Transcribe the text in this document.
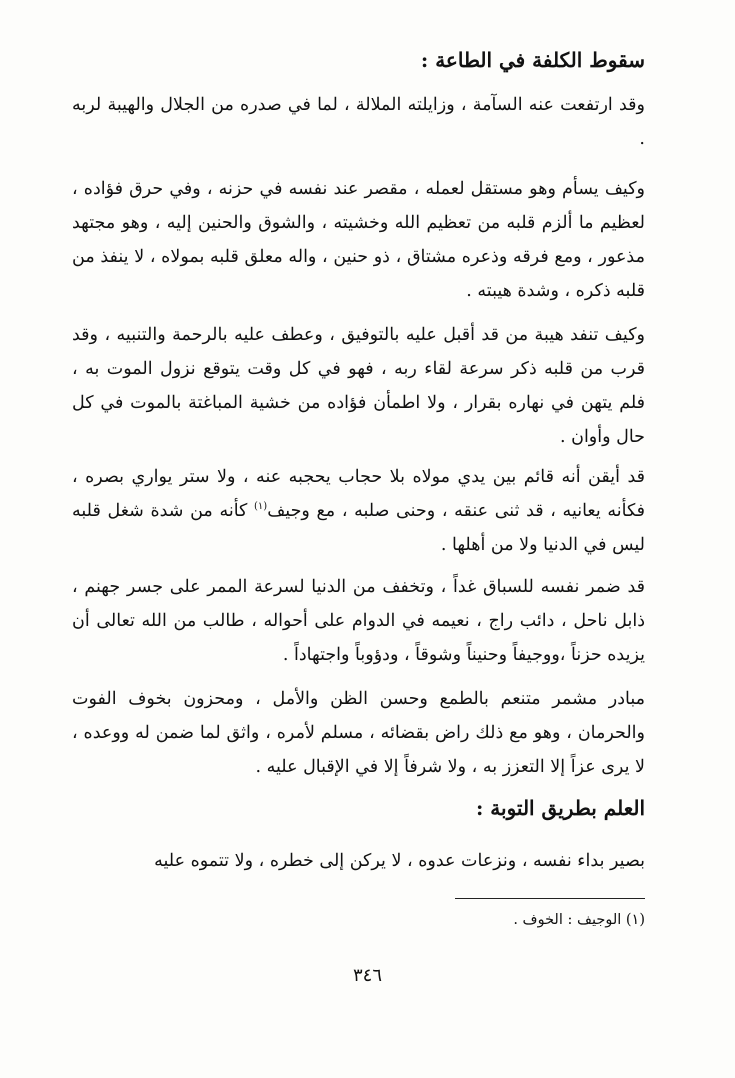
سقوط الكلفة في الطاعة :

وقد ارتفعت عنه السآمة ، وزايلته الملالة ، لما في صدره من الجلال والهيبة لربه .

وكيف يسأم وهو مستقل لعمله ، مقصر عند نفسه في حزنه ، وفي حرق فؤاده ، لعظيم ما ألزم قلبه من تعظيم الله وخشيته ، والشوق والحنين إليه ، وهو مجتهد مذعور ، ومع فرقه وذعره مشتاق ، ذو حنين ، واله معلق قلبه بمولاه ، لا ينفذ من قلبه ذكره ، وشدة هيبته .

وكيف تنفد هيبة من قد أقبل عليه بالتوفيق ، وعطف عليه بالرحمة والتنبيه ، وقد قرب من قلبه ذكر سرعة لقاء ربه ، فهو في كل وقت يتوقع نزول الموت به ، فلم يتهن في نهاره بقرار ، ولا اطمأن فؤاده من خشية المباغتة بالموت في كل حال وأوان .

قد أيقن أنه قائم بين يدي مولاه بلا حجاب يحجبه عنه ، ولا ستر يواري بصره ، فكأنه يعانيه ، قد ثنى عنقه ، وحنى صلبه ، مع وجيف$^{(١)}$ كأنه من شدة شغل قلبه ليس في الدنيا ولا من أهلها .

قد ضمر نفسه للسباق غداً ، وتخفف من الدنيا لسرعة الممر على جسر جهنم ، ذابل ناحل ، دائب راج ، نعيمه في الدوام على أحواله ، طالب من الله تعالى أن يزيده حزناً ،ووجيفاً وحنيناً وشوقاً ، ودؤوباً واجتهاداً .

مبادر مشمر متنعم بالطمع وحسن الظن والأمل ، ومحزون بخوف الفوت والحرمان ، وهو مع ذلك راض بقضائه ، مسلم لأمره ، واثق لما ضمن له ووعده ، لا يرى عزاً إلا التعزز به ، ولا شرفاً إلا في الإقبال عليه .

العلم بطريق التوبة :

بصير بداء نفسه ، ونزعات عدوه ، لا يركن إلى خطره ، ولا تتموه عليه

(١) الوجيف : الخوف .
٣٤٦
